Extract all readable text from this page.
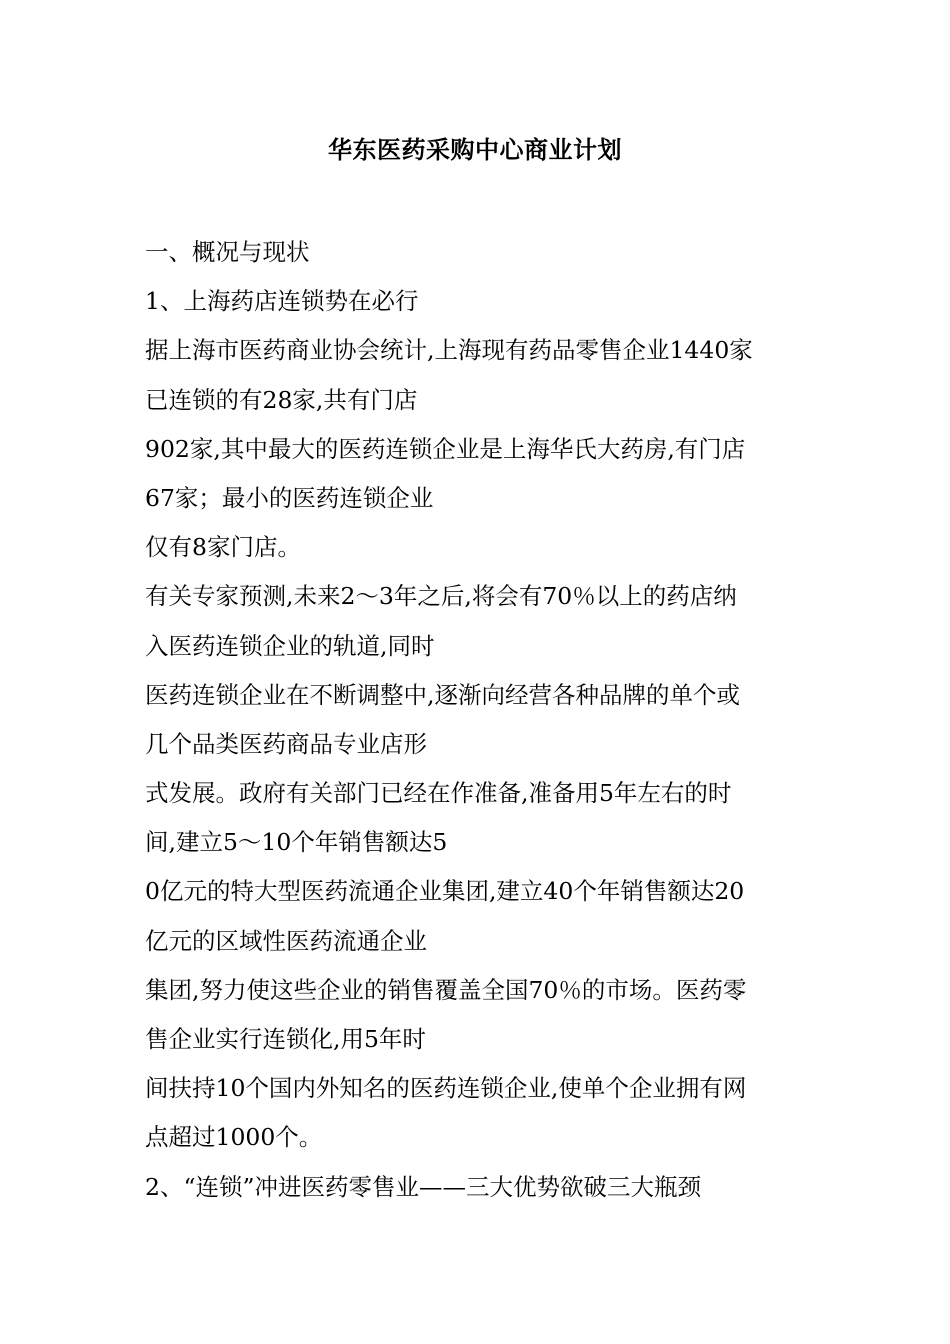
华东医药采购中心商业计划
一、概况与现状
1、上海药店连锁势在必行
据上海市医药商业协会统计,上海现有药品零售企业1440家
已连锁的有28家,共有门店
902家,其中最大的医药连锁企业是上海华氏大药房,有门店
67家；最小的医药连锁企业
仅有8家门店。
有关专家预测,未来2～3年之后,将会有70％以上的药店纳
入医药连锁企业的轨道,同时
医药连锁企业在不断调整中,逐渐向经营各种品牌的单个或
几个品类医药商品专业店形
式发展。政府有关部门已经在作准备,准备用5年左右的时
间,建立5～10个年销售额达5
0亿元的特大型医药流通企业集团,建立40个年销售额达20
亿元的区域性医药流通企业
集团,努力使这些企业的销售覆盖全国70％的市场。医药零
售企业实行连锁化,用5年时
间扶持10个国内外知名的医药连锁企业,使单个企业拥有网
点超过1000个。
2、“连锁”冲进医药零售业——三大优势欲破三大瓶颈
